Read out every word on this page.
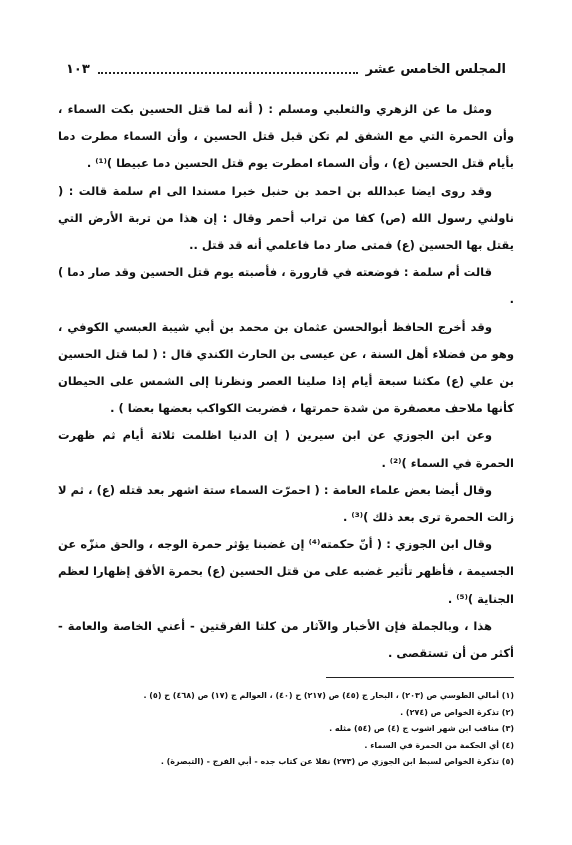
المجلس الخامس عشر
١٠٣

ومثل ما عن الزهري والثعلبي ومسلم : ( أنه لما قتل الحسين بكت السماء ، وأن الحمرة التي مع الشفق لم تكن قبل قتل الحسين ، وأن السماء مطرت دما بأيام قتل الحسين (ع) ، وأن السماء امطرت يوم قتل الحسين دما عبيطا )⁽¹⁾ .

وقد روى ايضا عبدالله بن احمد بن حنبل خبرا مسندا الى ام سلمة قالت : ( ناولني رسول الله (ص) كفا من تراب أحمر وقال : إن هذا من تربة الأرض التي يقتل بها الحسين (ع) فمتى صار دما فاعلمي أنه قد قتل ..

قالت أم سلمة : فوضعته في قارورة ، فأصبته يوم قتل الحسين وقد صار دما ) .

وقد أخرج الحافظ أبوالحسن عثمان بن محمد بن أبي شيبة العبسي الكوفي ، وهو من فضلاء أهل السنة ، عن عيسى بن الحارث الكندي قال : ( لما قتل الحسين بن علي (ع) مكثنا سبعة أيام إذا صلينا العصر ونظرنا إلى الشمس على الحيطان كأنها ملاحف معصفرة من شدة حمرتها ، فضربت الكواكب بعضها بعضا ) .

وعن ابن الجوزي عن ابن سيرين ( إن الدنيا اظلمت ثلاثة أيام ثم ظهرت الحمرة في السماء )⁽²⁾ .

وقال أيضا بعض علماء العامة : ( احمرّت السماء ستة اشهر بعد قتله (ع) ، ثم لا زالت الحمرة ترى بعد ذلك )⁽³⁾ .

وقال ابن الجوزي : ( أنّ حكمته⁽⁴⁾ إن غضبنا يؤثر حمرة الوجه ، والحق منزّه عن الجسيمة ، فأظهر تأثير غضبه على من قتل الحسين (ع) بحمرة الأفق إظهارا لعظم الجناية )⁽⁵⁾ .

هذا ، وبالجملة فإن الأخبار والآثار من كلتا الفرقتين - أعني الخاصة والعامة - أكثر من أن تستقصى .

(١) أمالي الطوسي ص (٢٠٣) ، البحار ج (٤٥) ص (٢١٧) ح (٤٠) ، العوالم ج (١٧) ص (٤٦٨) ح (٥) .
(٢) تذكرة الخواص ص (٢٧٤) .
(٣) مناقب ابن شهر اشوب ج (٤) ص (٥٤) مثله .
(٤) أي الحكمة من الحمرة في السماء .
(٥) تذكرة الخواص لسبط ابن الجوزي ص (٢٧٣) نقلا عن كتاب جده - أبي الفرج - (التبصرة) .
